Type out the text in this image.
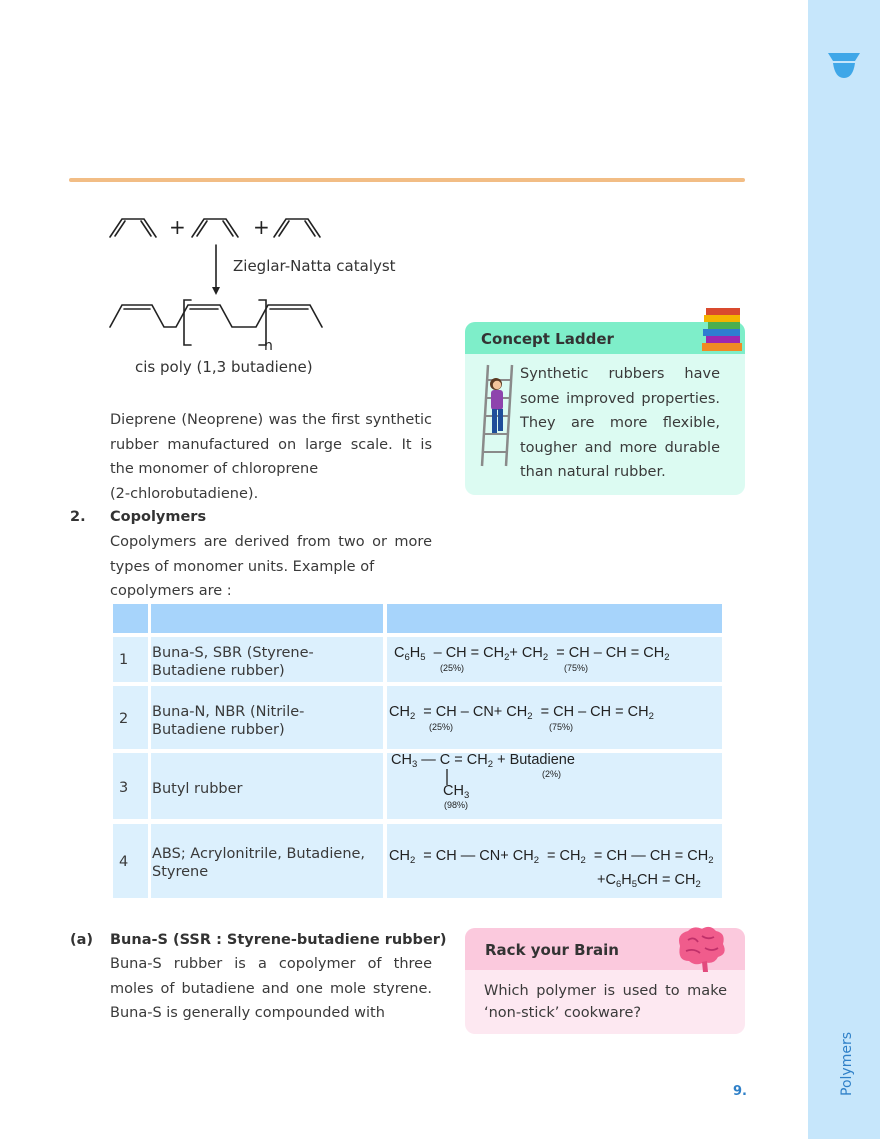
Polymers
+	+
n
Zieglar-Natta catalyst
cis poly (1,3 butadiene)
Dieprene (Neoprene) was the first synthetic rubber manufactured on large scale. It is the monomer of chloroprene
(2-chlorobutadiene).
2. Copolymers
Copolymers are derived from two or more types of monomer units. Example of
copolymers are :
Concept Ladder
Synthetic rubbers have some improved properties. They are more flexible, tougher and more durable than natural rubber.
1 Buna-S, SBR (Styrene-Butadiene rubber)
$C_6H_5$  – CH = $CH_2+ CH_2$  = CH – CH = $CH_2$
(25%)	(75%)
2 Buna-N, NBR (Nitrile-Butadiene rubber)
$CH_2$  = CH – $CN+ CH_2$  = CH – CH = $CH_2$
(25%)	(75%)
3 Butyl rubber
$CH_3$ — $C = CH_2$ + Butadiene
$CH_3$
(2%)
(98%)
4 ABS; Acrylonitrile, Butadiene, Styrene
$CH_2$  = CH — $CN+ CH_2 = CH_2$  = CH — CH = $CH_2$
$+C_6H_5CH = CH_2$
(a) Buna-S (SSR : Styrene-butadiene rubber)
Buna-S rubber is a copolymer of three moles of butadiene and one mole styrene. Buna-S is generally compounded with
Rack your Brain
Which polymer is used to make ‘non-stick’ cookware?
9.
